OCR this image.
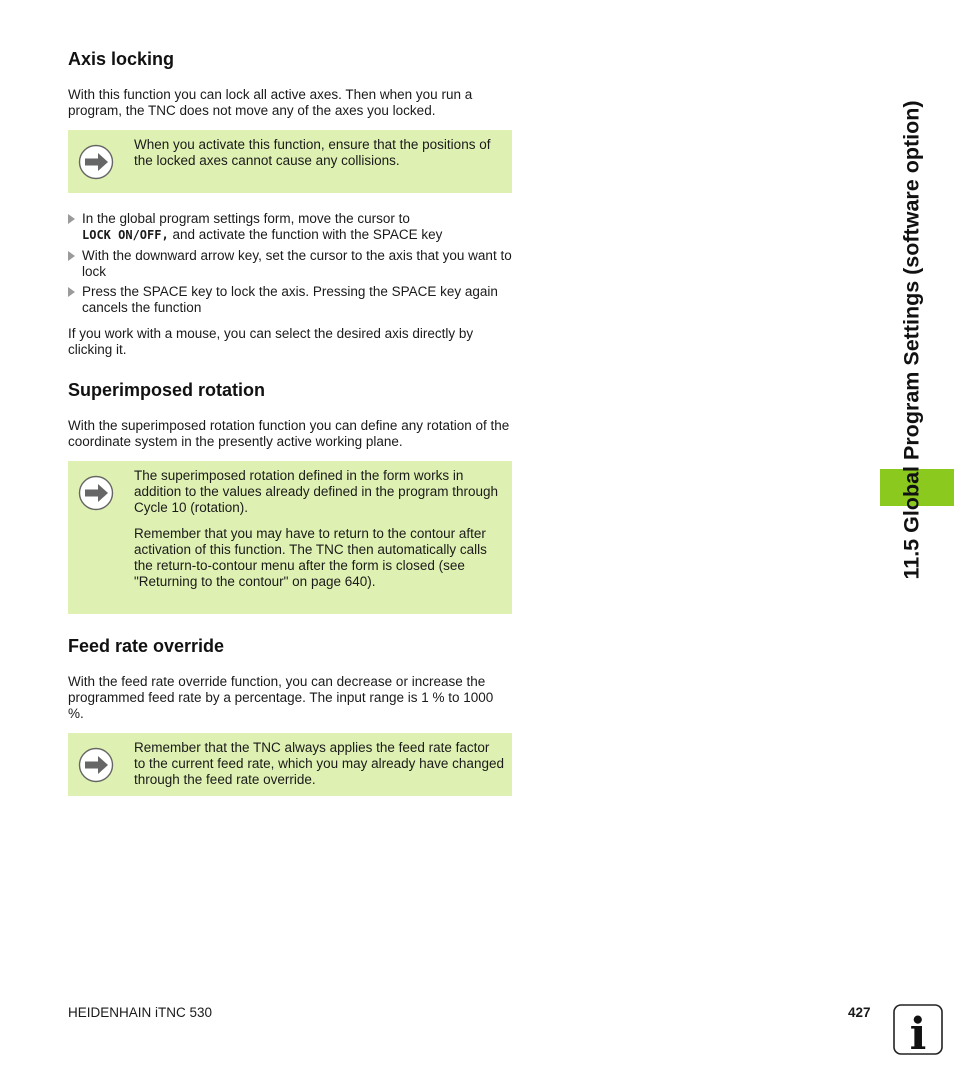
Axis locking

With this function you can lock all active axes. Then when you run a program, the TNC does not move any of the axes you locked.

When you activate this function, ensure that the positions of the locked axes cannot cause any collisions.
In the global program settings form, move the cursor to
LOCK ON/OFF, and activate the function with the SPACE key
With the downward arrow key, set the cursor to the axis that you want to lock
Press the SPACE key to lock the axis. Pressing the SPACE key again cancels the function

If you work with a mouse, you can select the desired axis directly by clicking it.

Superimposed rotation

With the superimposed rotation function you can define any rotation of the coordinate system in the presently active working plane.

The superimposed rotation defined in the form works in addition to the values already defined in the program through Cycle 10 (rotation).

Remember that you may have to return to the contour after activation of this function. The TNC then automatically calls the return-to-contour menu after the form is closed (see "Returning to the contour" on page 640).

Feed rate override

With the feed rate override function, you can decrease or increase the programmed feed rate by a percentage. The input range is 1 % to 1000 %.

Remember that the TNC always applies the feed rate factor to the current feed rate, which you may already have changed through the feed rate override.
11.5 Global Program Settings (software option)
HEIDENHAIN iTNC 530	427 i
